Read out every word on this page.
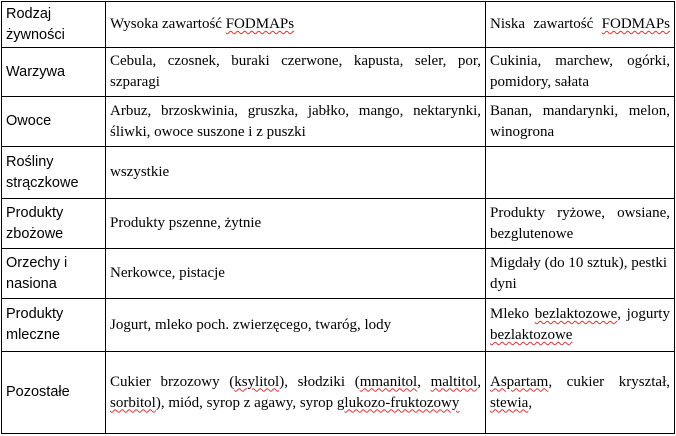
Rodzaj żywności	Wysoka zawartość FODMAPs	Niska zawartość FODMAPs
Warzywa	Cebula, czosnek, buraki czerwone, kapusta, seler, por, szparagi	Cukinia, marchew, ogórki, pomidory, sałata
Owoce	Arbuz, brzoskwinia, gruszka, jabłko, mango, nektarynki, śliwki, owoce suszone i z puszki	Banan, mandarynki, melon, winogrona
Rośliny strączkowe	wszystkie	
Produkty zbożowe	Produkty pszenne, żytnie	Produkty ryżowe, owsiane, bezglutenowe
Orzechy i nasiona	Nerkowce, pistacje	Migdały (do 10 sztuk), pestki dyni
Produkty mleczne	Jogurt, mleko poch. zwierzęcego, twaróg, lody	Mleko bezlaktozowe, jogurty bezlaktozowe
Pozostałe	Cukier brzozowy (ksylitol), słodziki (mmanitol, maltitol, sorbitol), miód, syrop z agawy, syrop glukozo-fruktozowy	Aspartam, cukier kryształ, stewia,
